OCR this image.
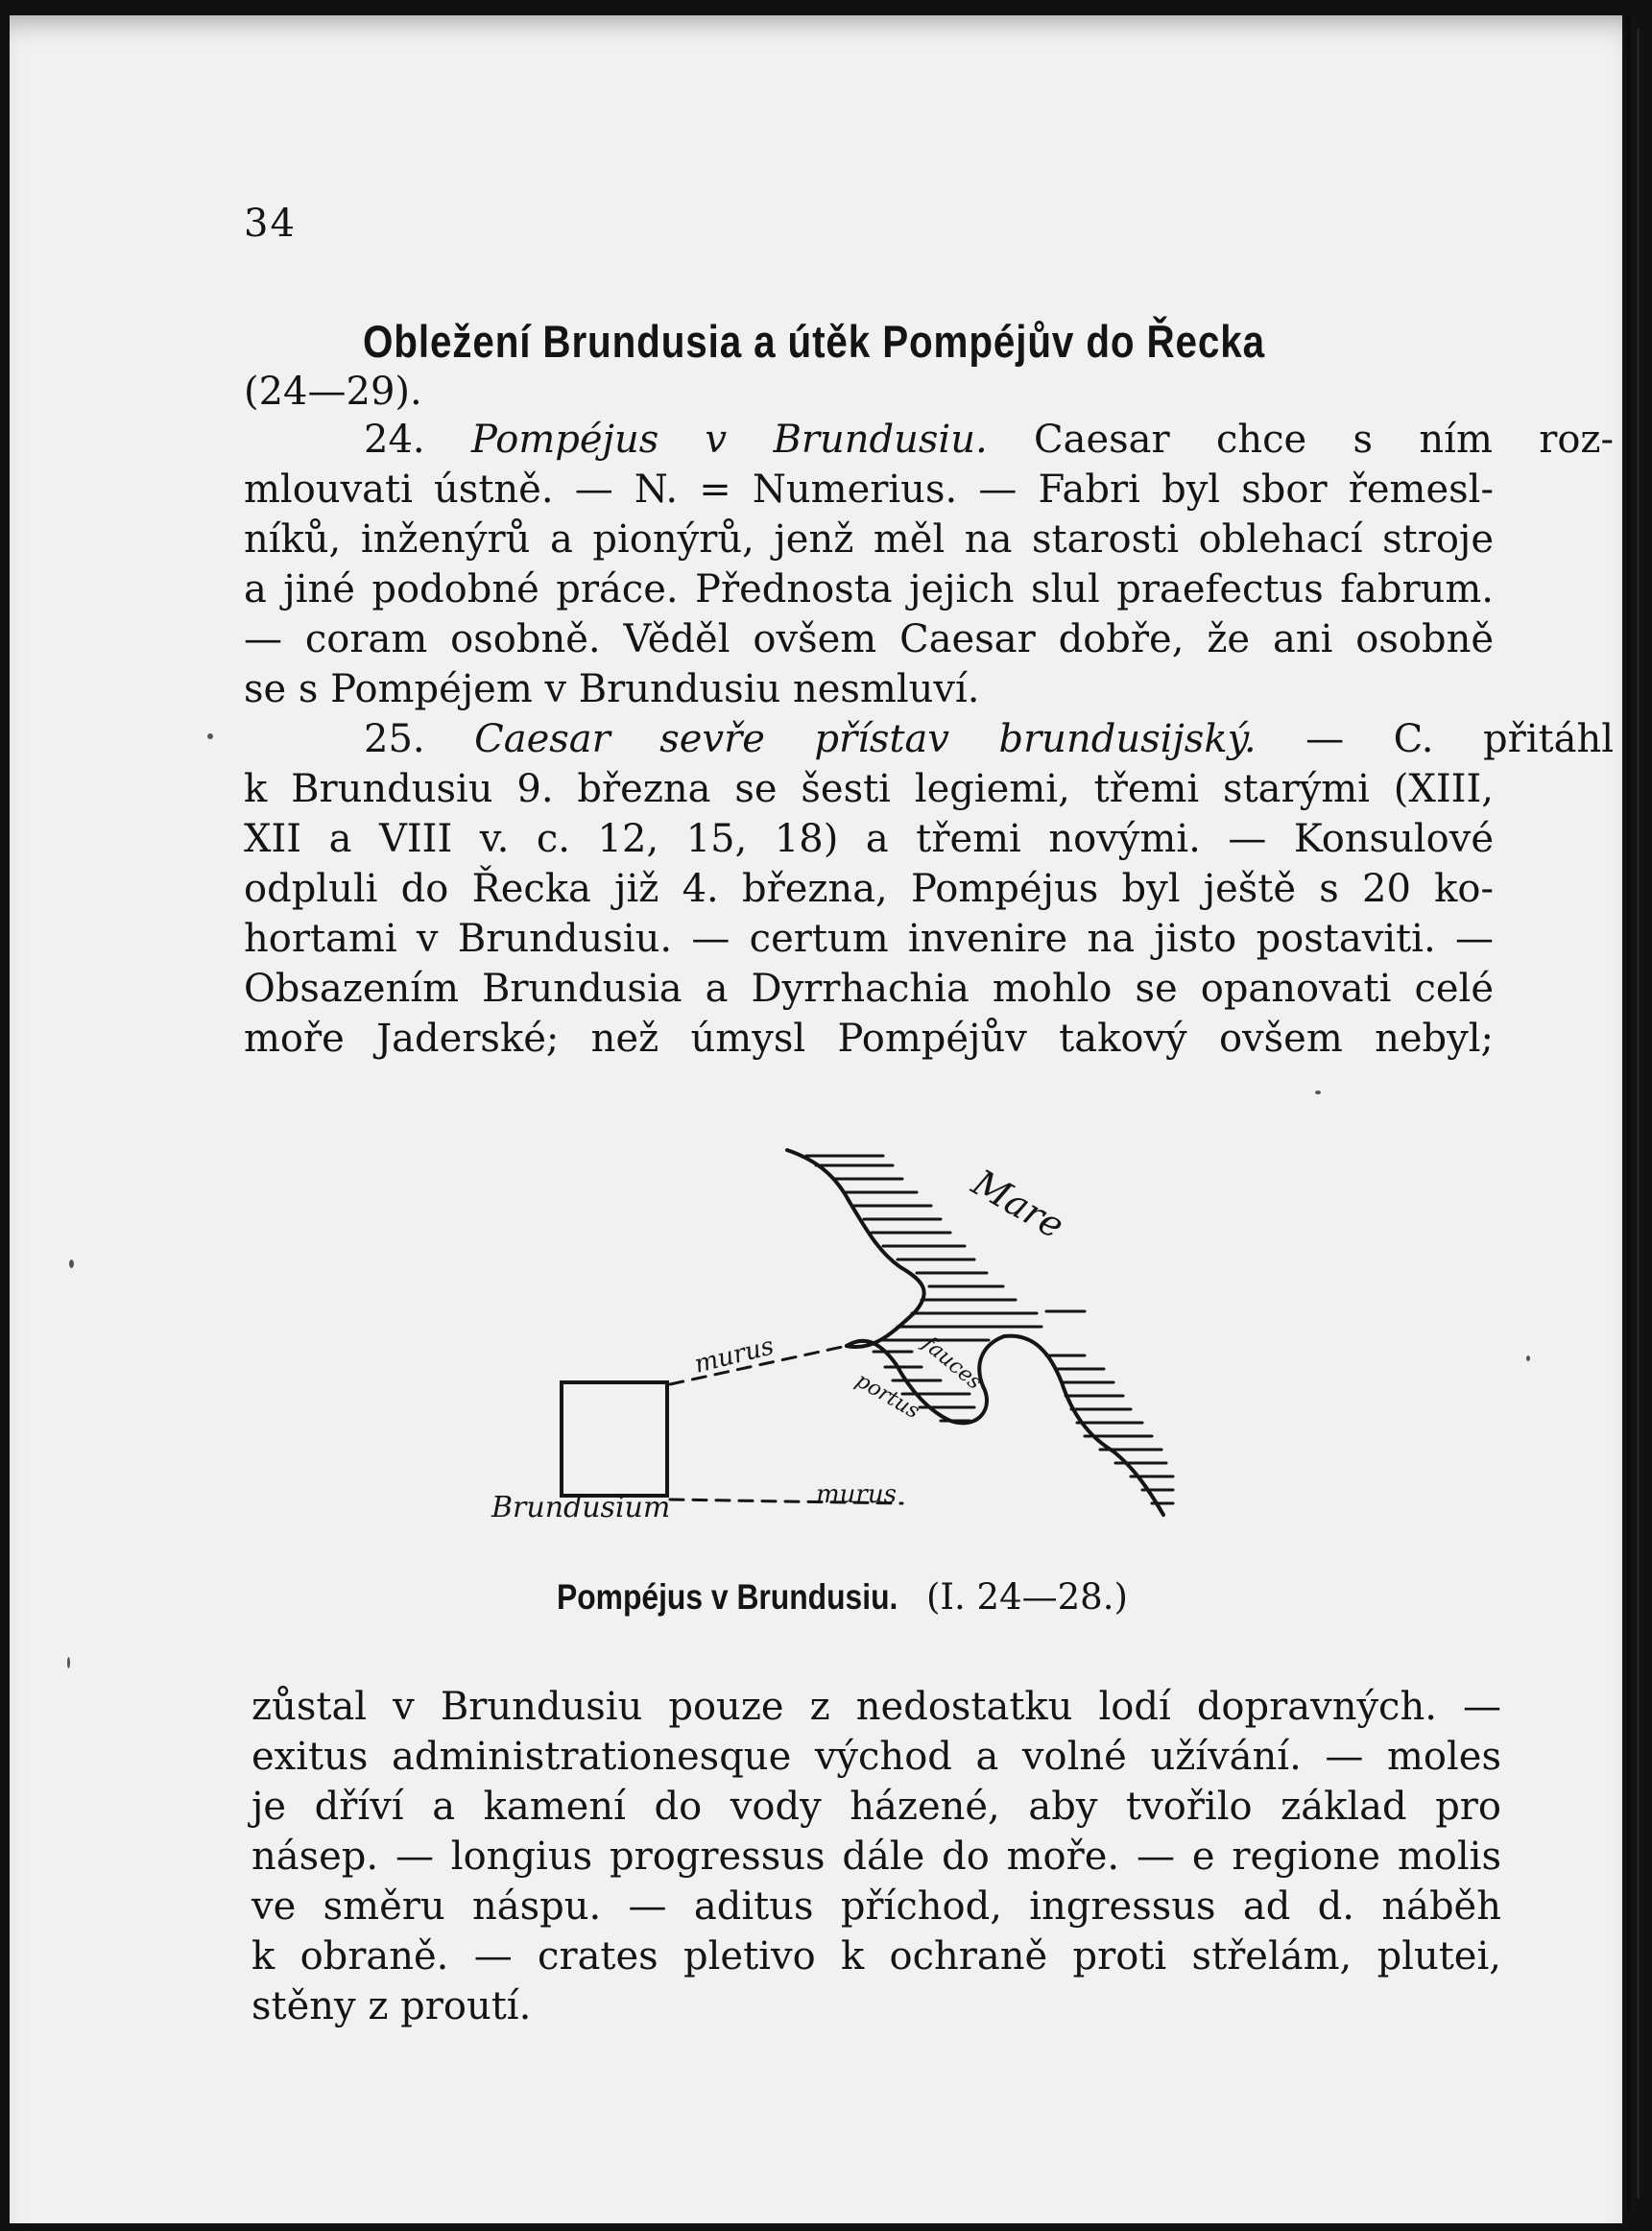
34
Obležení Brundusia a útěk Pompéjův do Řecka
(24—29).
24. Pompéjus v Brundusiu. Caesar chce s ním roz-
mlouvati ústně. — N. = Numerius. — Fabri byl sbor řemesl-
níků, inženýrů a pionýrů, jenž měl na starosti oblehací stroje
a jiné podobné práce. Přednosta jejich slul praefectus fabrum.
— coram osobně. Věděl ovšem Caesar dobře, že ani osobně
se s Pompéjem v Brundusiu nesmluví.
25. Caesar sevře přístav brundusijský. — C. přitáhl
k Brundusiu 9. března se šesti legiemi, třemi starými (XIII,
XII a VIII v. c. 12, 15, 18) a třemi novými. — Konsulové
odpluli do Řecka již 4. března, Pompéjus byl ještě s 20 ko-
hortami v Brundusiu. — certum invenire na jisto postaviti. —
Obsazením Brundusia a Dyrrhachia mohlo se opanovati celé
moře Jaderské; než úmysl Pompéjův takový ovšem nebyl;
Mare
murus	fauces
portus
murus
Brundusium
Pompéjus v Brundusiu. (I. 24—28.)
zůstal v Brundusiu pouze z nedostatku lodí dopravných. —
exitus administrationesque východ a volné užívání. — moles
je dříví a kamení do vody házené, aby tvořilo základ pro
násep. — longius progressus dále do moře. — e regione molis
ve směru náspu. — aditus příchod, ingressus ad d. náběh
k obraně. — crates pletivo k ochraně proti střelám, plutei,
stěny z proutí.
